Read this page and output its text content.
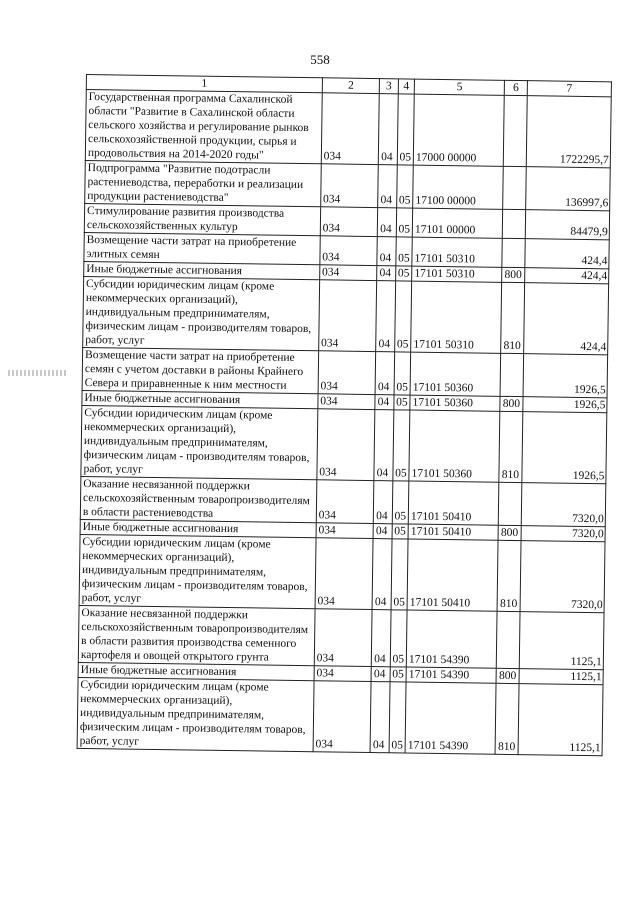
558
1	2	3	4	5	6	7
Государственная программа Сахалинской области "Развитие в Сахалинской области сельского хозяйства и регулирование рынков сельскохозяйственной продукции, сырья и продовольствия на 2014-2020 годы"	034	04	05	17000 00000		1722295,7
Подпрограмма "Развитие подотрасли растениеводства, переработки и реализации продукции растениеводства"	034	04	05	17100 00000		136997,6
Стимулирование развития производства сельскохозяйственных культур	034	04	05	17101 00000		84479,9
Возмещение части затрат на приобретение элитных семян	034	04	05	17101 50310		424,4
Иные бюджетные ассигнования	034	04	05	17101 50310	800	424,4
Субсидии юридическим лицам (кроме некоммерческих организаций), индивидуальным предпринимателям, физическим лицам - производителям товаров, работ, услуг	034	04	05	17101 50310	810	424,4
Возмещение части затрат на приобретение семян с учетом доставки в районы Крайнего Севера и приравненные к ним местности	034	04	05	17101 50360		1926,5
Иные бюджетные ассигнования	034	04	05	17101 50360	800	1926,5
Субсидии юридическим лицам (кроме некоммерческих организаций), индивидуальным предпринимателям, физическим лицам - производителям товаров, работ, услуг	034	04	05	17101 50360	810	1926,5
Оказание несвязанной поддержки сельскохозяйственным товаропроизводителям в области растениеводства	034	04	05	17101 50410		7320,0
Иные бюджетные ассигнования	034	04	05	17101 50410	800	7320,0
Субсидии юридическим лицам (кроме некоммерческих организаций), индивидуальным предпринимателям, физическим лицам - производителям товаров, работ, услуг	034	04	05	17101 50410	810	7320,0
Оказание несвязанной поддержки сельскохозяйственным товаропроизводителям в области развития производства семенного картофеля и овощей открытого грунта	034	04	05	17101 54390		1125,1
Иные бюджетные ассигнования	034	04	05	17101 54390	800	1125,1
Субсидии юридическим лицам (кроме некоммерческих организаций), индивидуальным предпринимателям, физическим лицам - производителям товаров, работ, услуг	034	04	05	17101 54390	810	1125,1
